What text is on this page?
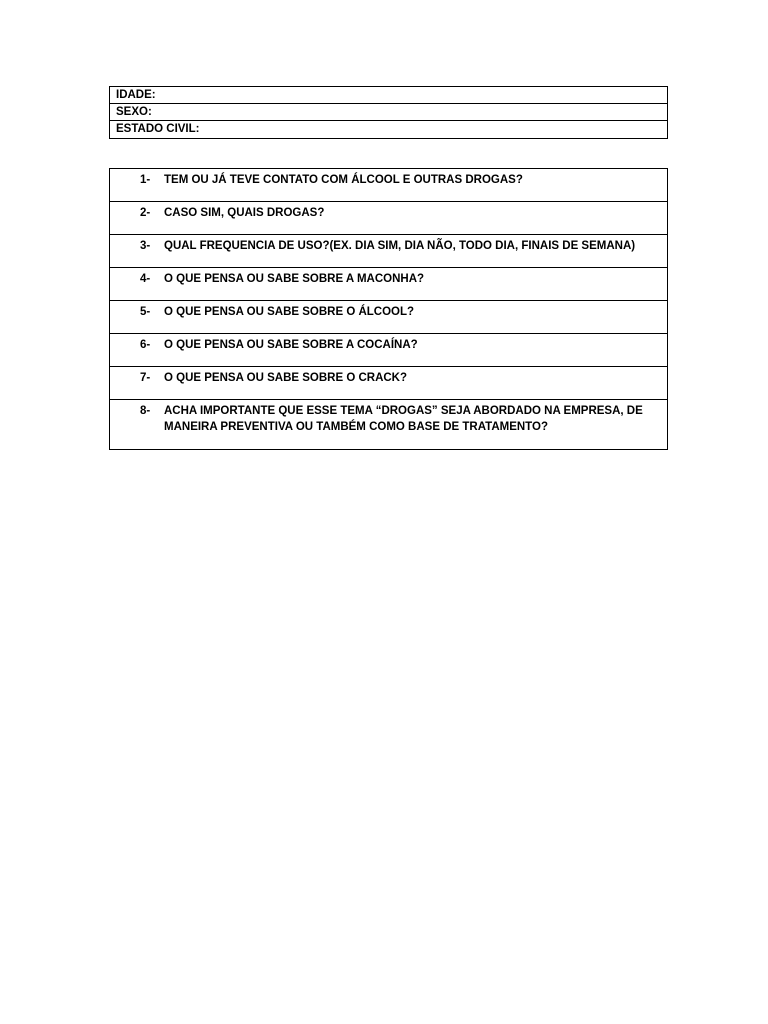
IDADE:
SEXO:
ESTADO CIVIL:
1- TEM OU JÁ TEVE CONTATO COM ÁLCOOL E OUTRAS DROGAS?
2- CASO SIM, QUAIS DROGAS?
3- QUAL FREQUENCIA DE USO?(EX. DIA SIM, DIA NÃO, TODO DIA, FINAIS DE SEMANA)
4- O QUE PENSA OU SABE SOBRE A MACONHA?
5- O QUE PENSA OU SABE SOBRE O ÁLCOOL?
6- O QUE PENSA OU SABE SOBRE A COCAÍNA?
7- O QUE PENSA OU SABE SOBRE O CRACK?
8- ACHA IMPORTANTE QUE ESSE TEMA “DROGAS” SEJA ABORDADO NA EMPRESA, DE MANEIRA PREVENTIVA OU TAMBÉM COMO BASE DE TRATAMENTO?
